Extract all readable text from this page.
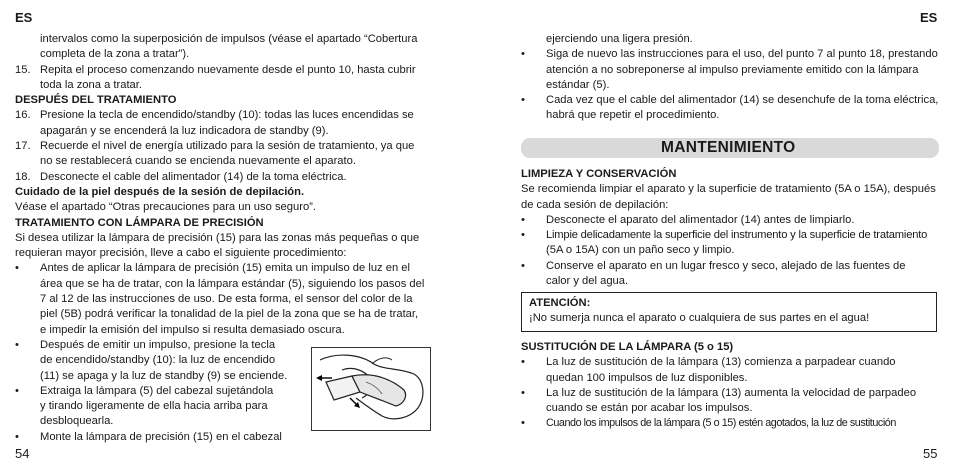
ES

intervalos como la superposición de impulsos (véase el apartado “Cobertura

completa de la zona a tratar”).

15. Repita el proceso comenzando nuevamente desde el punto 10, hasta cubrir

toda la zona a tratar.

DESPUÉS DEL TRATAMIENTO

16. Presione la tecla de encendido/standby (10): todas las luces encendidas se

apagarán y se encenderá la luz indicadora de standby (9).

17. Recuerde el nivel de energía utilizado para la sesión de tratamiento, ya que

no se restablecerá cuando se encienda nuevamente el aparato.

18. Desconecte el cable del alimentador (14) de la toma eléctrica.

Cuidado de la piel después de la sesión de depilación.

Véase el apartado “Otras precauciones para un uso seguro”.

TRATAMIENTO CON LÁMPARA DE PRECISIÓN

Si desea utilizar la lámpara de precisión (15) para las zonas más pequeñas o que

requieran mayor precisión, lleve a cabo el siguiente procedimiento:

•	Antes de aplicar la lámpara de precisión (15) emita un impulso de luz en el

área que se ha de tratar, con la lámpara estándar (5), siguiendo los pasos del

7 al 12 de las instrucciones de uso. De esta forma, el sensor del color de la

piel (5B) podrá verificar la tonalidad de la piel de la zona que se ha de tratar,

e impedir la emisión del impulso si resulta demasiado oscura.

•	Después de emitir un impulso, presione la tecla

de encendido/standby (10): la luz de encendido

(11) se apaga y la luz de standby (9) se enciende.

•	Extraiga la lámpara (5) del cabezal sujetándola

y tirando ligeramente de ella hacia arriba para

desbloquearla.

•	Monte la lámpara de precisión (15) en el cabezal

54
ES

ejerciendo una ligera presión.

•	Siga de nuevo las instrucciones para el uso, del punto 7 al punto 18, prestando

atención a no sobreponerse al impulso previamente emitido con la lámpara

estándar (5).

•	Cada vez que el cable del alimentador (14) se desenchufe de la toma eléctrica,

habrá que repetir el procedimiento.

MANTENIMIENTO

LIMPIEZA Y CONSERVACIÓN

Se recomienda limpiar el aparato y la superficie de tratamiento (5A o 15A), después

de cada sesión de depilación:

•	Desconecte el aparato del alimentador (14) antes de limpiarlo.

•	Limpie delicadamente la superficie del instrumento y la superficie de tratamiento

(5A o 15A) con un paño seco y limpio.

•	Conserve el aparato en un lugar fresco y seco, alejado de las fuentes de

calor y del agua.

ATENCIÓN:
¡No sumerja nunca el aparato o cualquiera de sus partes en el agua!

SUSTITUCIÓN DE LA LÁMPARA (5 o 15)

•	La luz de sustitución de la lámpara (13) comienza a parpadear cuando

quedan 100 impulsos de luz disponibles.

•	La luz de sustitución de la lámpara (13) aumenta la velocidad de parpadeo

cuando se están por acabar los impulsos.

•	Cuando los impulsos de la lámpara (5 o 15) estén agotados, la luz de sustitución

55
